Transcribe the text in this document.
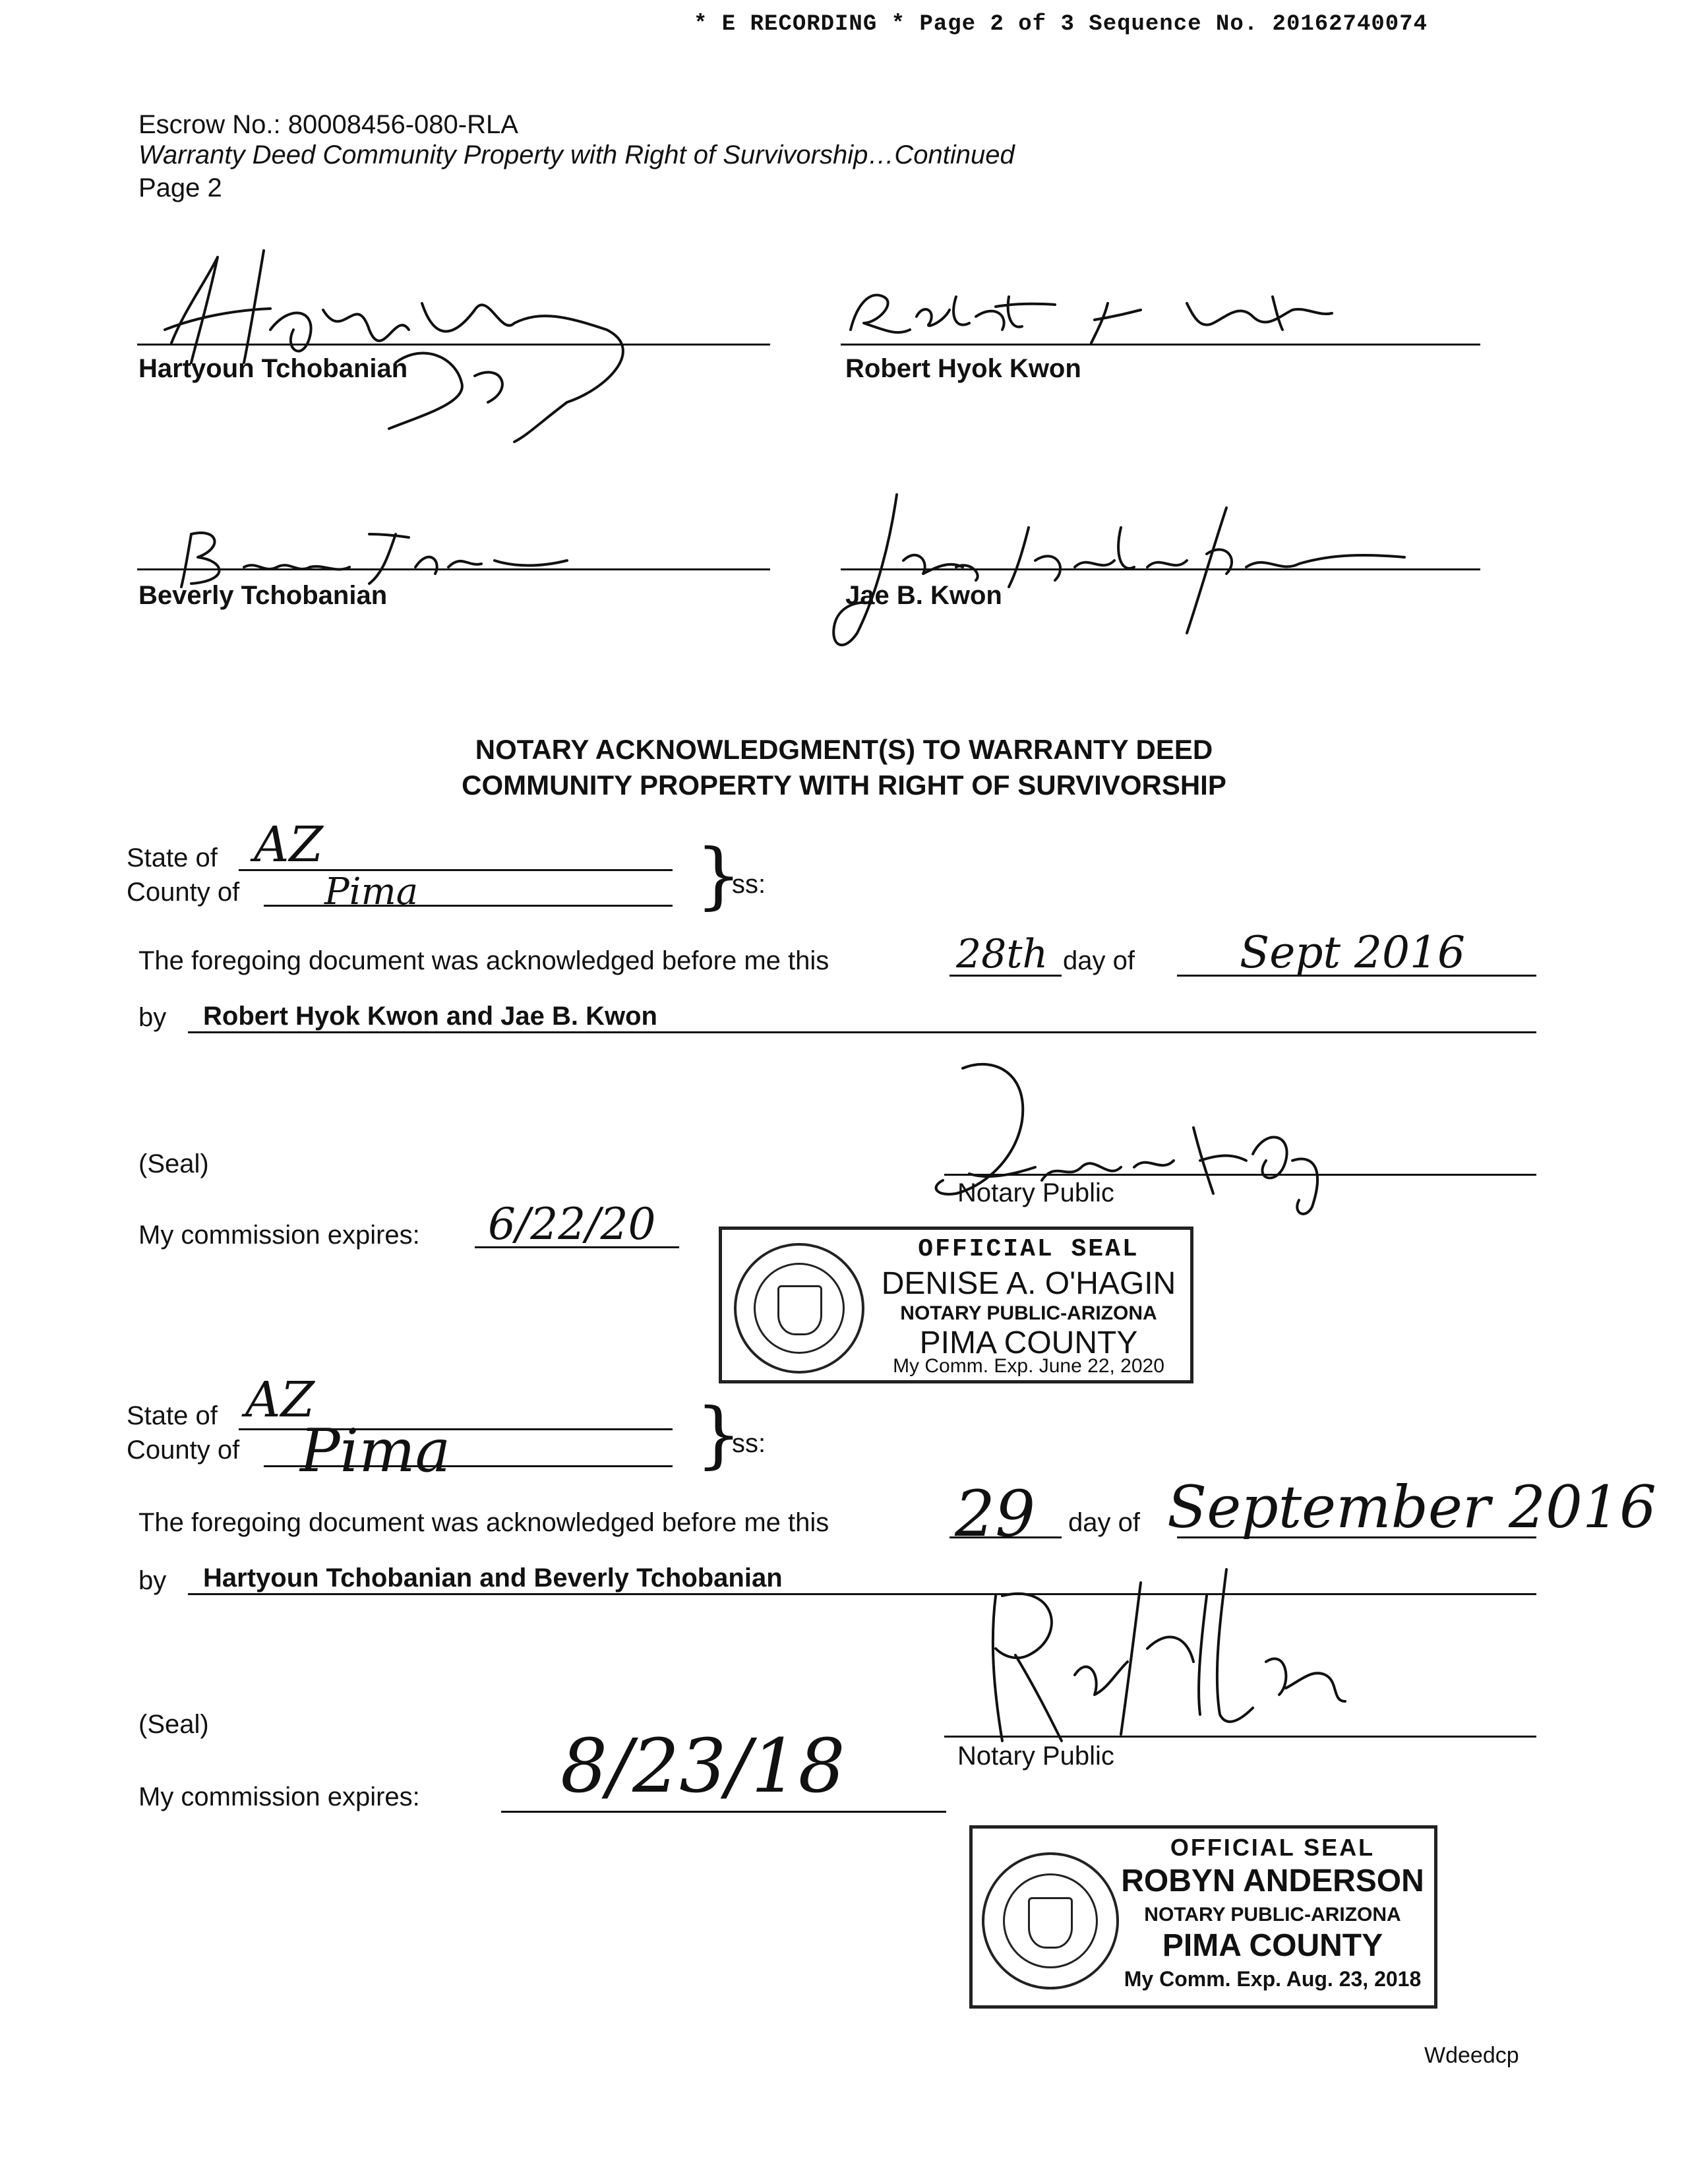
* E RECORDING * Page 2 of 3 Sequence No. 20162740074
Escrow No.: 80008456-080-RLA
Warranty Deed Community Property with Right of Survivorship…Continued
Page 2
Hartyoun Tchobanian	Robert Hyok Kwon
Beverly Tchobanian	Jae B. Kwon
NOTARY ACKNOWLEDGMENT(S) TO WARRANTY DEED
COMMUNITY PROPERTY WITH RIGHT OF SURVIVORSHIP
State of AZ
County of Pima	}
ss:
The foregoing document was acknowledged before me this	28th day of Sept 2016
by Robert Hyok Kwon and Jae B. Kwon
(Seal)
Notary Public
My commission expires: 6/22/20	OFFICIAL SEAL
DENISE A. O'HAGIN
NOTARY PUBLIC-ARIZONA
PIMA COUNTY
My Comm. Exp. June 22, 2020
State of AZ
County of Pima	}
ss:
The foregoing document was acknowledged before me this 29 day of September 2016
by Hartyoun Tchobanian and Beverly Tchobanian
(Seal)
Notary Public
My commission expires: 8/23/18
OFFICIAL SEAL
ROBYN ANDERSON
NOTARY PUBLIC-ARIZONA
PIMA COUNTY
My Comm. Exp. Aug. 23, 2018
Wdeedcp
